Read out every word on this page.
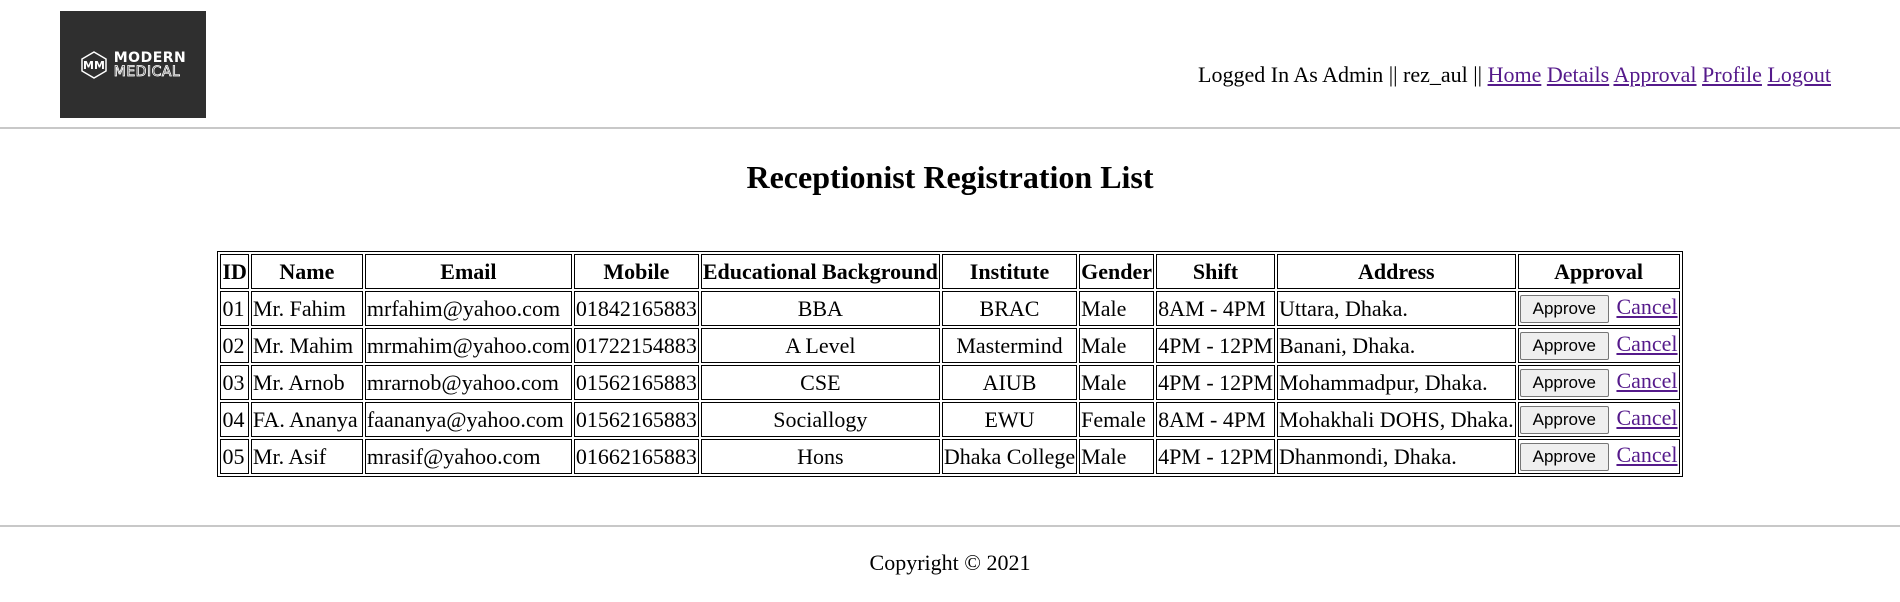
MM MODERN
MEDICAL	Logged In As Admin || rez_aul || Home Details Approval Profile Logout
Receptionist Registration List
ID	Name	Email	Mobile	Educational Background	Institute	Gender	Shift	Address	Approval
01	Mr. Fahim	mrfahim@yahoo.com	01842165883	BBA	BRAC	Male	8AM - 4PM	Uttara, Dhaka.	Approve Cancel
02	Mr. Mahim	mrmahim@yahoo.com	01722154883	A Level	Mastermind	Male	4PM - 12PM	Banani, Dhaka.	Approve Cancel
03	Mr. Arnob	mrarnob@yahoo.com	01562165883	CSE	AIUB	Male	4PM - 12PM	Mohammadpur, Dhaka.	Approve Cancel
04	FA. Ananya	faananya@yahoo.com	01562165883	Sociallogy	EWU	Female	8AM - 4PM	Mohakhali DOHS, Dhaka.	Approve Cancel
05	Mr. Asif	mrasif@yahoo.com	01662165883	Hons	Dhaka College	Male	4PM - 12PM	Dhanmondi, Dhaka.	Approve Cancel
Copyright © 2021
